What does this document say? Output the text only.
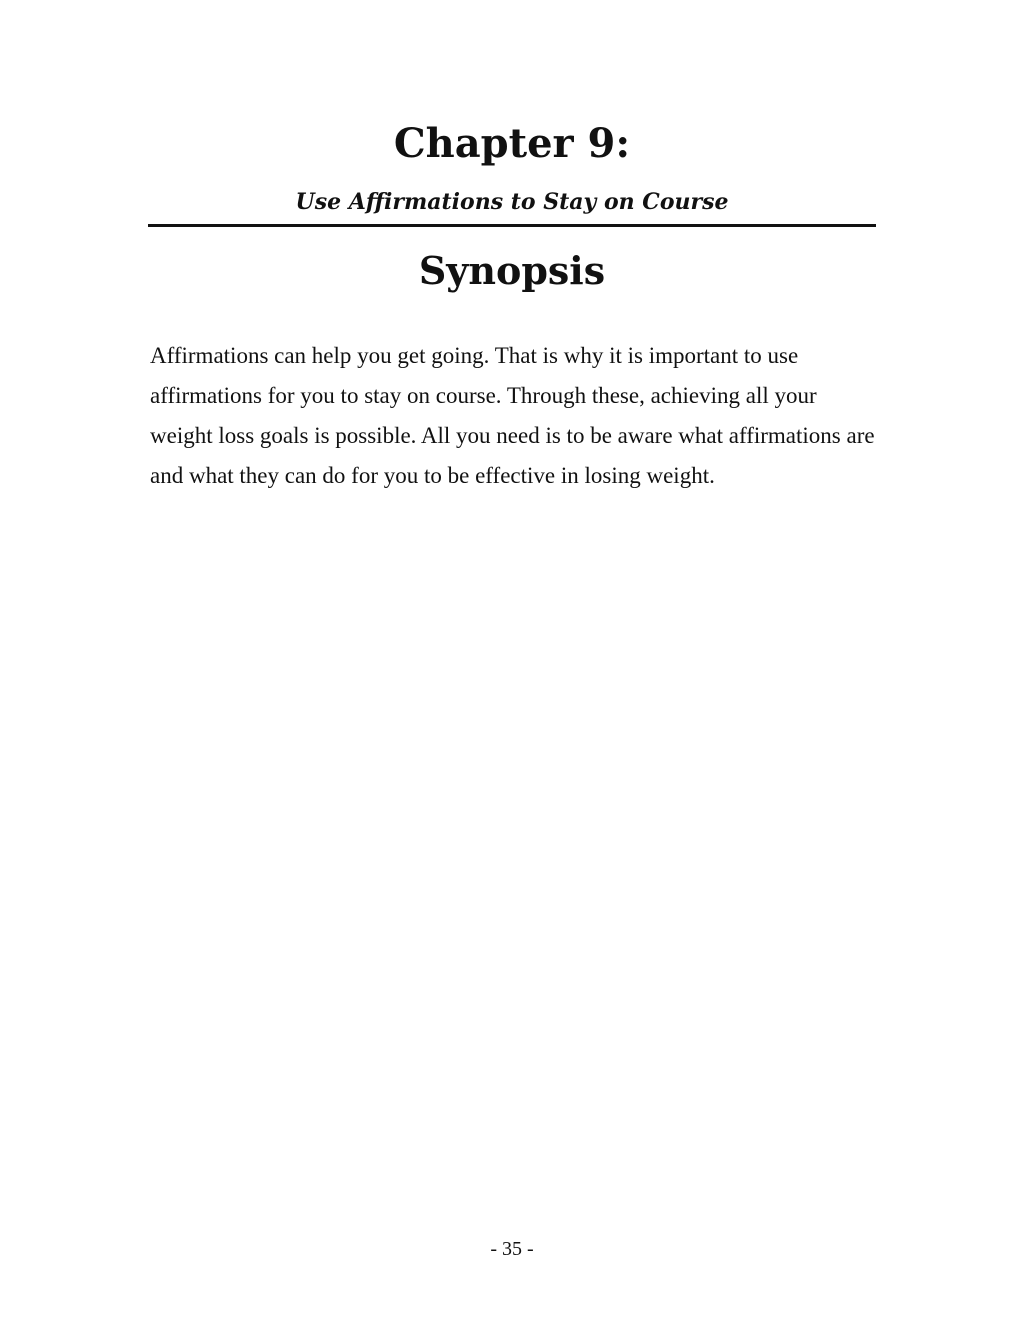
Chapter 9:
Use Affirmations to Stay on Course
Synopsis

Affirmations can help you get going. That is why it is important to use affirmations for you to stay on course. Through these, achieving all your weight loss goals is possible. All you need is to be aware what affirmations are and what they can do for you to be effective in losing weight.

- 35 -
